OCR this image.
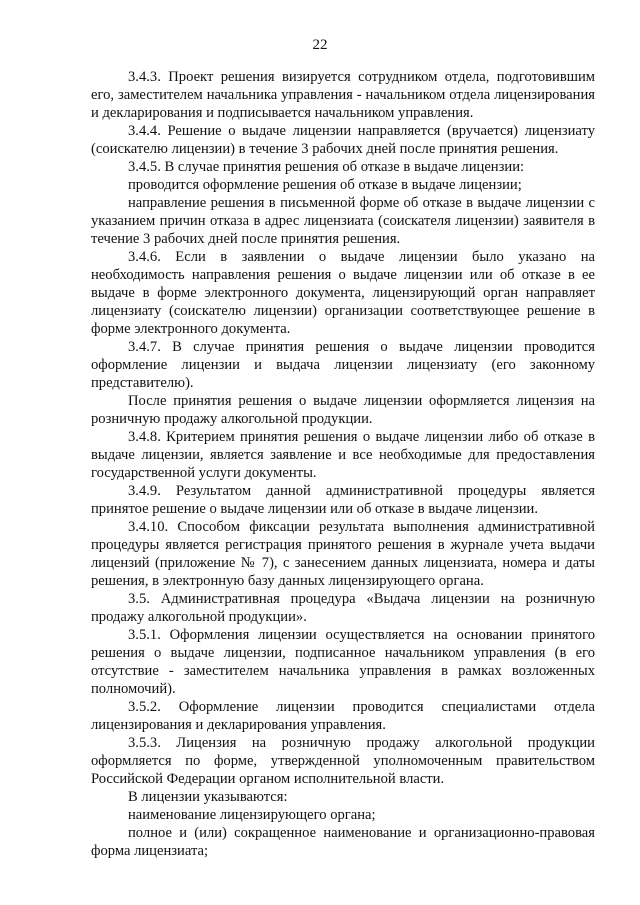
22

3.4.3. Проект решения визируется сотрудником отдела, подготовившим его, заместителем начальника управления - начальником отдела лицензирования и декларирования и подписывается начальником управления.

3.4.4. Решение о выдаче лицензии направляется (вручается) лицензиату (соискателю лицензии) в течение 3 рабочих дней после принятия решения.

3.4.5. В случае принятия решения об отказе в выдаче лицензии:

проводится оформление решения об отказе в выдаче лицензии;

направление решения в письменной форме об отказе в выдаче лицензии с указанием причин отказа в адрес лицензиата (соискателя лицензии) заявителя в течение 3 рабочих дней после принятия решения.

3.4.6. Если в заявлении о выдаче лицензии было указано на необходимость направления решения о выдаче лицензии или об отказе в ее выдаче в форме электронного документа, лицензирующий орган направляет лицензиату (соискателю лицензии) организации соответствующее решение в форме электронного документа.

3.4.7. В случае принятия решения о выдаче лицензии проводится оформление лицензии и выдача лицензии лицензиату (его законному представителю).

После принятия решения о выдаче лицензии оформляется лицензия на розничную продажу алкогольной продукции.

3.4.8. Критерием принятия решения о выдаче лицензии либо об отказе в выдаче лицензии, является заявление и все необходимые для предоставления государственной услуги документы.

3.4.9. Результатом данной административной процедуры является принятое решение о выдаче лицензии или об отказе в выдаче лицензии.

3.4.10. Способом фиксации результата выполнения административной процедуры является регистрация принятого решения в журнале учета выдачи лицензий (приложение № 7), с занесением данных лицензиата, номера и даты решения, в электронную базу данных лицензирующего органа.

3.5. Административная процедура «Выдача лицензии на розничную продажу алкогольной продукции».

3.5.1. Оформления лицензии осуществляется на основании принятого решения о выдаче лицензии, подписанное начальником управления (в его отсутствие - заместителем начальника управления в рамках возложенных полномочий).

3.5.2. Оформление лицензии проводится специалистами отдела лицензирования и декларирования управления.

3.5.3. Лицензия на розничную продажу алкогольной продукции оформляется по форме, утвержденной уполномоченным правительством Российской Федерации органом исполнительной власти.

В лицензии указываются:

наименование лицензирующего органа;

полное и (или) сокращенное наименование и организационно-правовая форма лицензиата;
